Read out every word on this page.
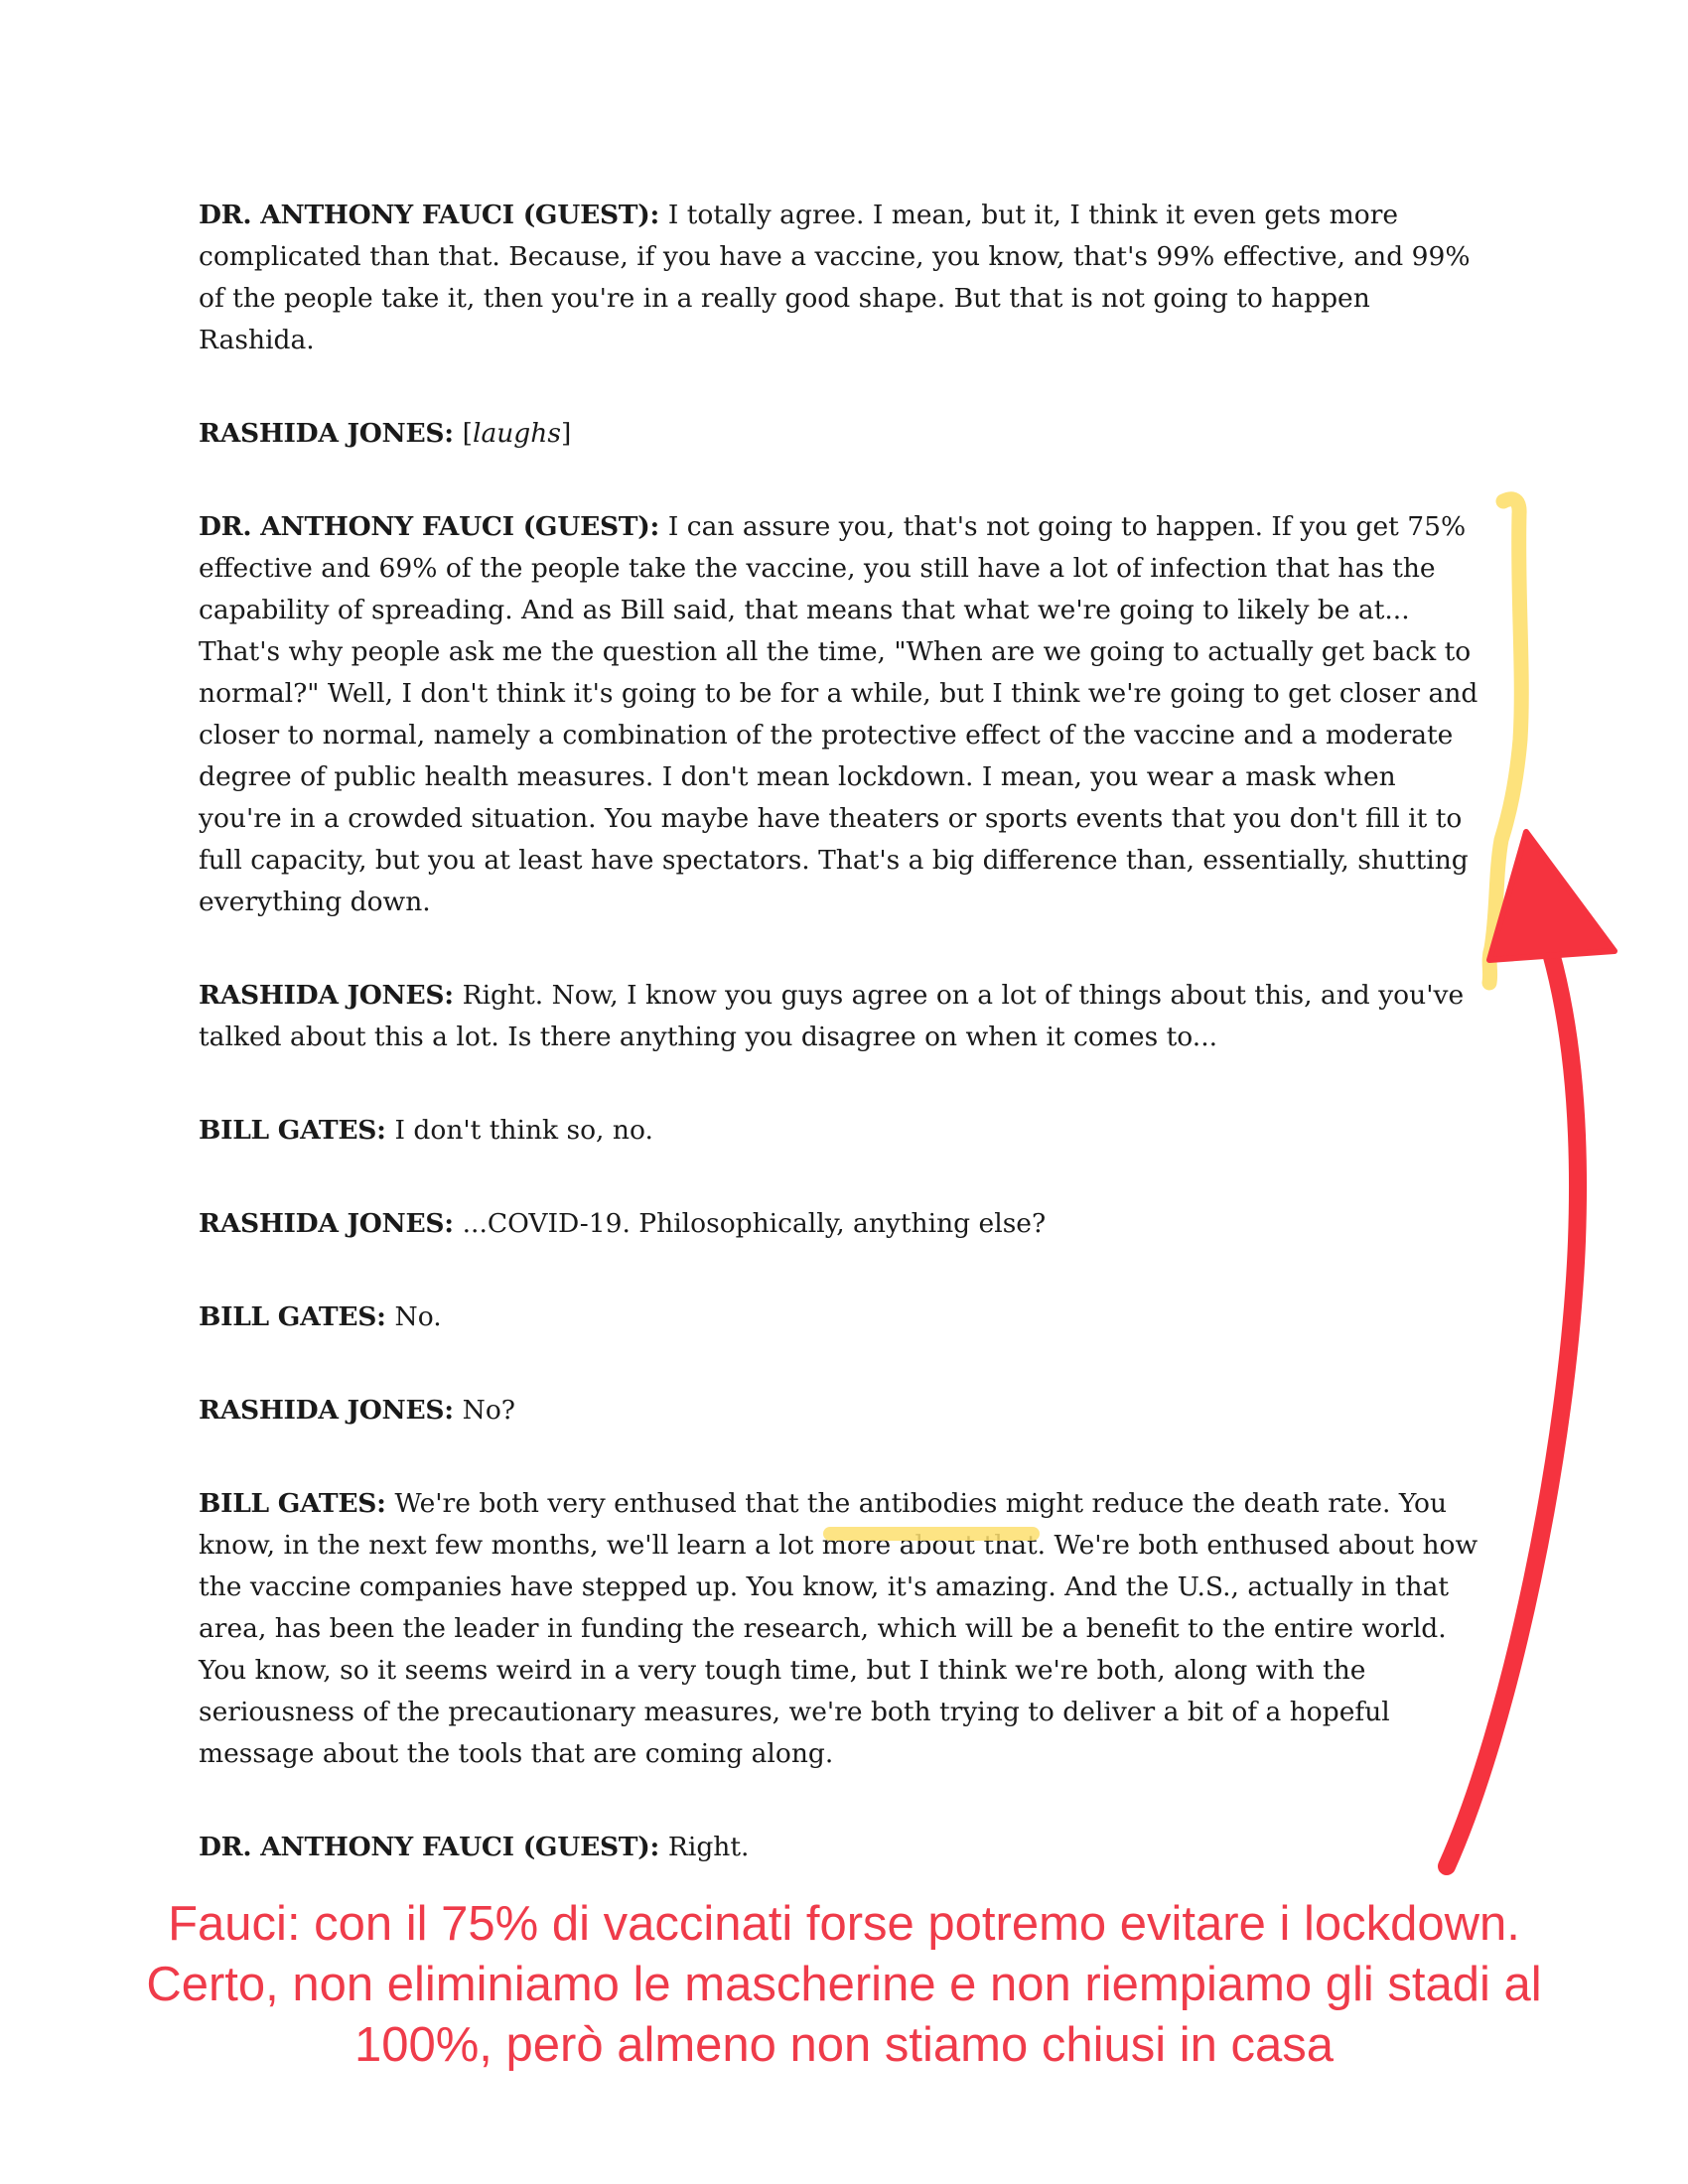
DR. ANTHONY FAUCI (GUEST): I totally agree. I mean, but it, I think it even gets more complicated than that. Because, if you have a vaccine, you know, that's 99% effective, and 99% of the people take it, then you're in a really good shape. But that is not going to happen Rashida.

RASHIDA JONES: [laughs]

DR. ANTHONY FAUCI (GUEST): I can assure you, that's not going to happen. If you get 75% effective and 69% of the people take the vaccine, you still have a lot of infection that has the capability of spreading. And as Bill said, that means that what we're going to likely be at... That's why people ask me the question all the time, "When are we going to actually get back to normal?" Well, I don't think it's going to be for a while, but I think we're going to get closer and closer to normal, namely a combination of the protective effect of the vaccine and a moderate degree of public health measures. I don't mean lockdown. I mean, you wear a mask when you're in a crowded situation. You maybe have theaters or sports events that you don't fill it to full capacity, but you at least have spectators. That's a big difference than, essentially, shutting everything down.

RASHIDA JONES: Right. Now, I know you guys agree on a lot of things about this, and you've talked about this a lot. Is there anything you disagree on when it comes to...

BILL GATES: I don't think so, no.

RASHIDA JONES: ...COVID-19. Philosophically, anything else?

BILL GATES: No.

RASHIDA JONES: No?

BILL GATES: We're both very enthused that the antibodies might reduce the death rate. You know, in the next few months, we'll learn a lot more about that. We're both enthused about how the vaccine companies have stepped up. You know, it's amazing. And the U.S., actually in that area, has been the leader in funding the research, which will be a benefit to the entire world. You know, so it seems weird in a very tough time, but I think we're both, along with the seriousness of the precautionary measures, we're both trying to deliver a bit of a hopeful message about the tools that are coming along.

DR. ANTHONY FAUCI (GUEST): Right.

Fauci: con il 75% di vaccinati forse potremo evitare i lockdown.
Certo, non eliminiamo le mascherine e non riempiamo gli stadi al
100%, però almeno non stiamo chiusi in casa
